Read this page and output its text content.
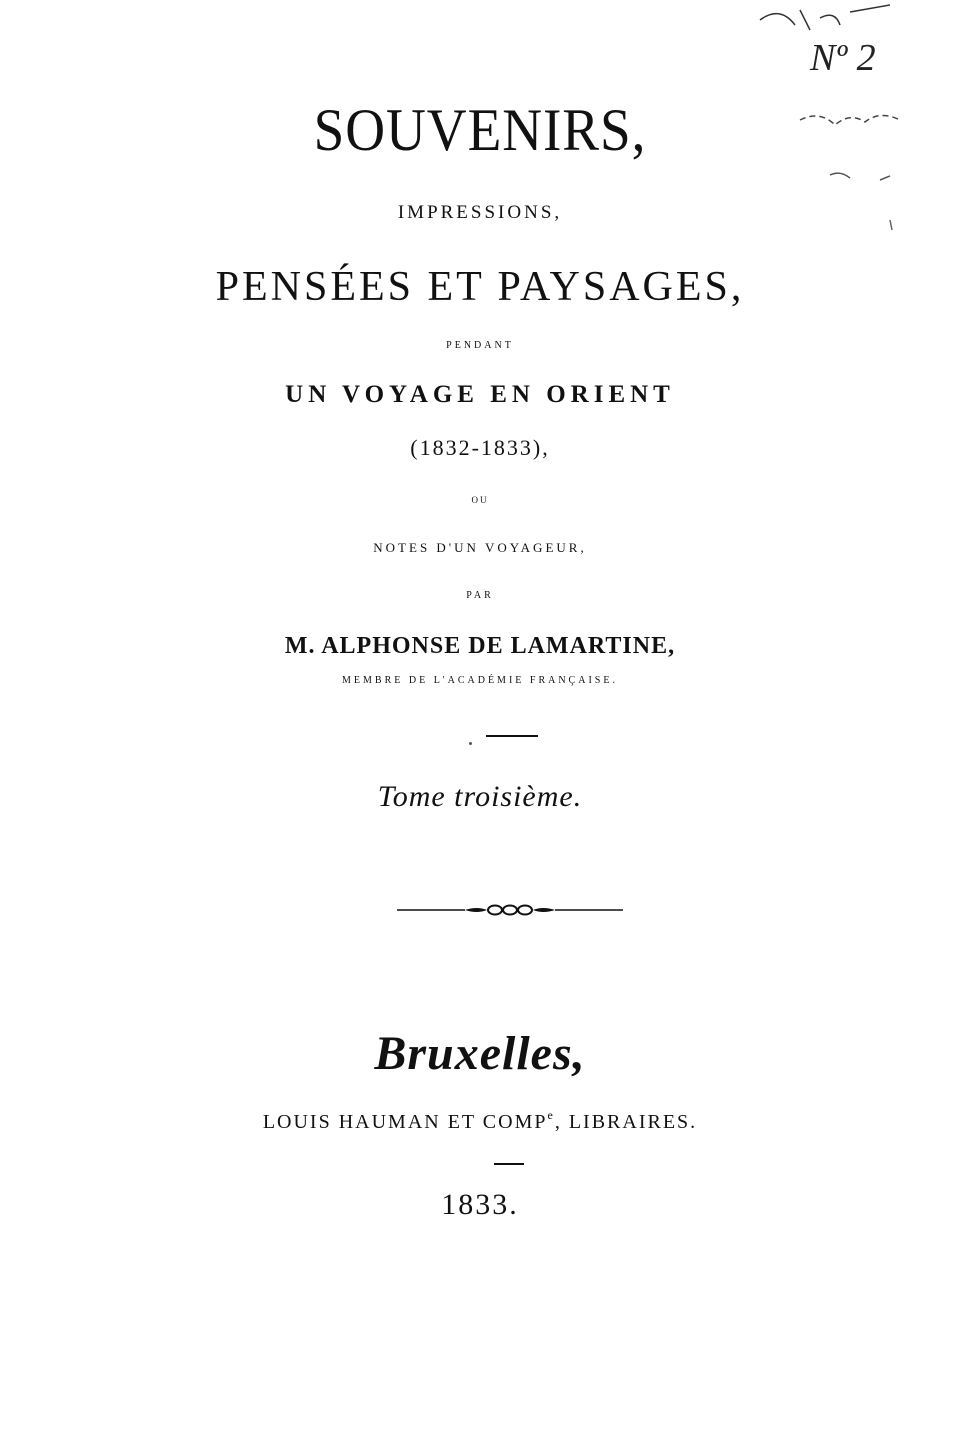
SOUVENIRS,
IMPRESSIONS,
PENSÉES ET PAYSAGES,
PENDANT
UN VOYAGE EN ORIENT
(1832-1833),
OU
NOTES D'UN VOYAGEUR,
PAR
M. ALPHONSE DE LAMARTINE,
MEMBRE DE L'ACADÉMIE FRANÇAISE.
Tome troisième.
Bruxelles,
LOUIS HAUMAN ET COMP$^e$, LIBRAIRES.
1833.
Nº 2
